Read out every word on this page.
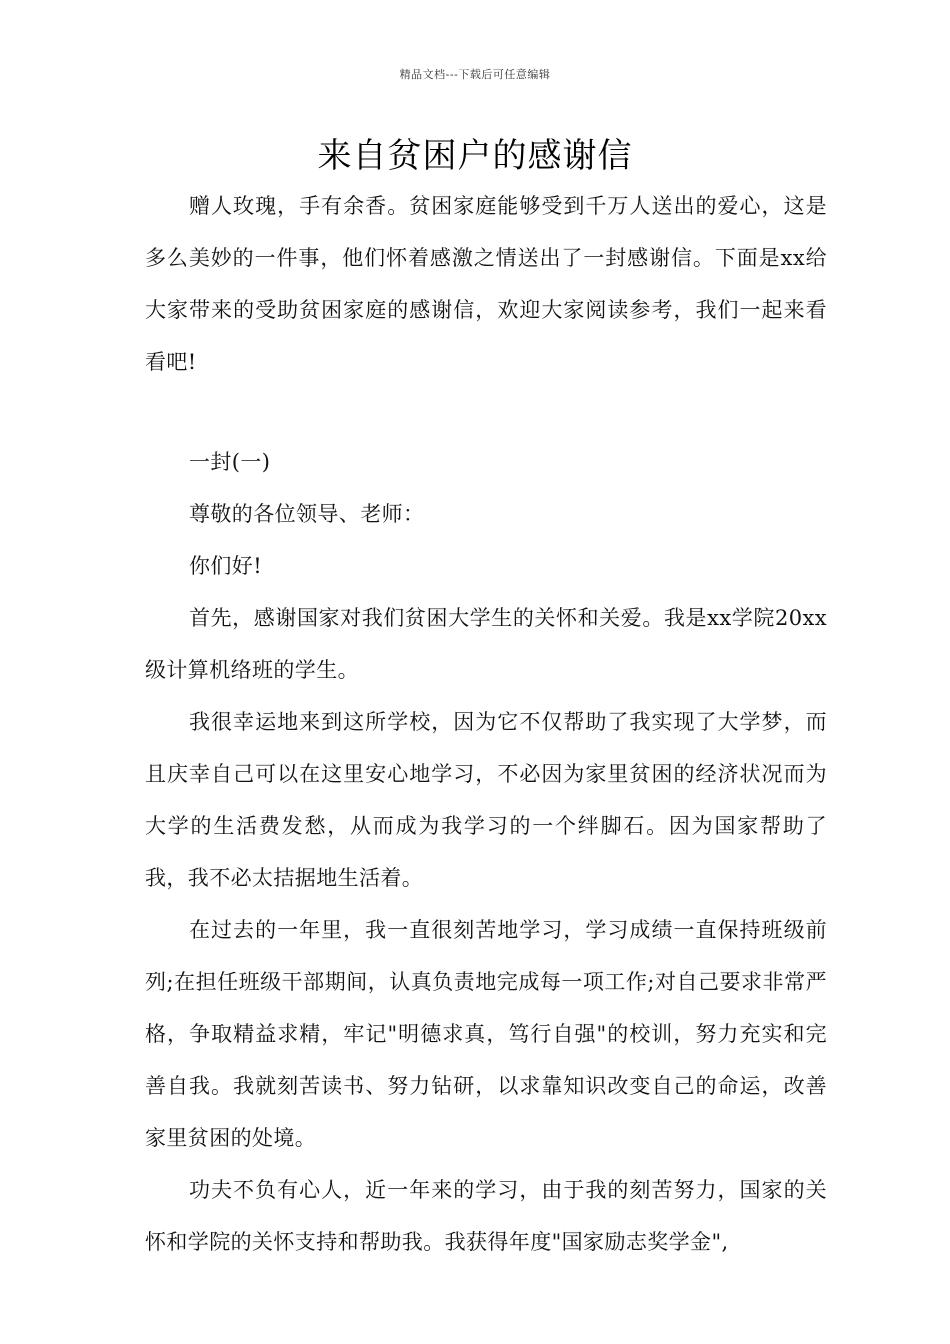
精品文档---下载后可任意编辑
来自贫困户的感谢信

赠人玫瑰，手有余香。贫困家庭能够受到千万人送出的爱心，这是多么美妙的一件事，他们怀着感激之情送出了一封感谢信。下面是xx给大家带来的受助贫困家庭的感谢信，欢迎大家阅读参考，我们一起来看看吧!

一封(一)

尊敬的各位领导、老师：

你们好!

首先，感谢国家对我们贫困大学生的关怀和关爱。我是xx学院20xx级计算机络班的学生。

我很幸运地来到这所学校，因为它不仅帮助了我实现了大学梦，而且庆幸自己可以在这里安心地学习，不必因为家里贫困的经济状况而为大学的生活费发愁，从而成为我学习的一个绊脚石。因为国家帮助了我，我不必太拮据地生活着。

在过去的一年里，我一直很刻苦地学习，学习成绩一直保持班级前列;在担任班级干部期间，认真负责地完成每一项工作;对自己要求非常严格，争取精益求精，牢记"明德求真，笃行自强"的校训，努力充实和完善自我。我就刻苦读书、努力钻研，以求靠知识改变自己的命运，改善家里贫困的处境。

功夫不负有心人，近一年来的学习，由于我的刻苦努力，国家的关怀和学院的关怀支持和帮助我。我获得年度"国家励志奖学金",
